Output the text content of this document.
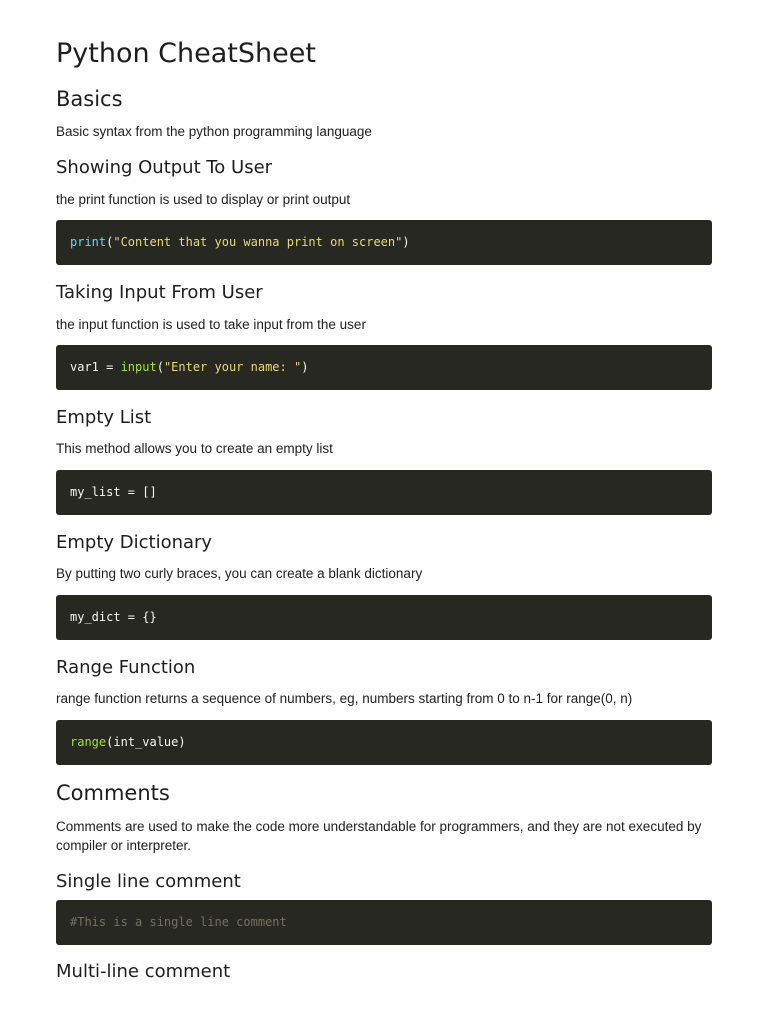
Python CheatSheet
Basics

Basic syntax from the python programming language

Showing Output To User

the print function is used to display or print output

print("Content that you wanna print on screen")
Taking Input From User

the input function is used to take input from the user

var1 = input("Enter your name: ")
Empty List

This method allows you to create an empty list

my_list = []
Empty Dictionary

By putting two curly braces, you can create a blank dictionary

my_dict = {}
Range Function

range function returns a sequence of numbers, eg, numbers starting from 0 to n-1 for range(0, n)

range(int_value)
Comments

Comments are used to make the code more understandable for programmers, and they are not executed by compiler or interpreter.

Single line comment
#This is a single line comment
Multi-line comment
